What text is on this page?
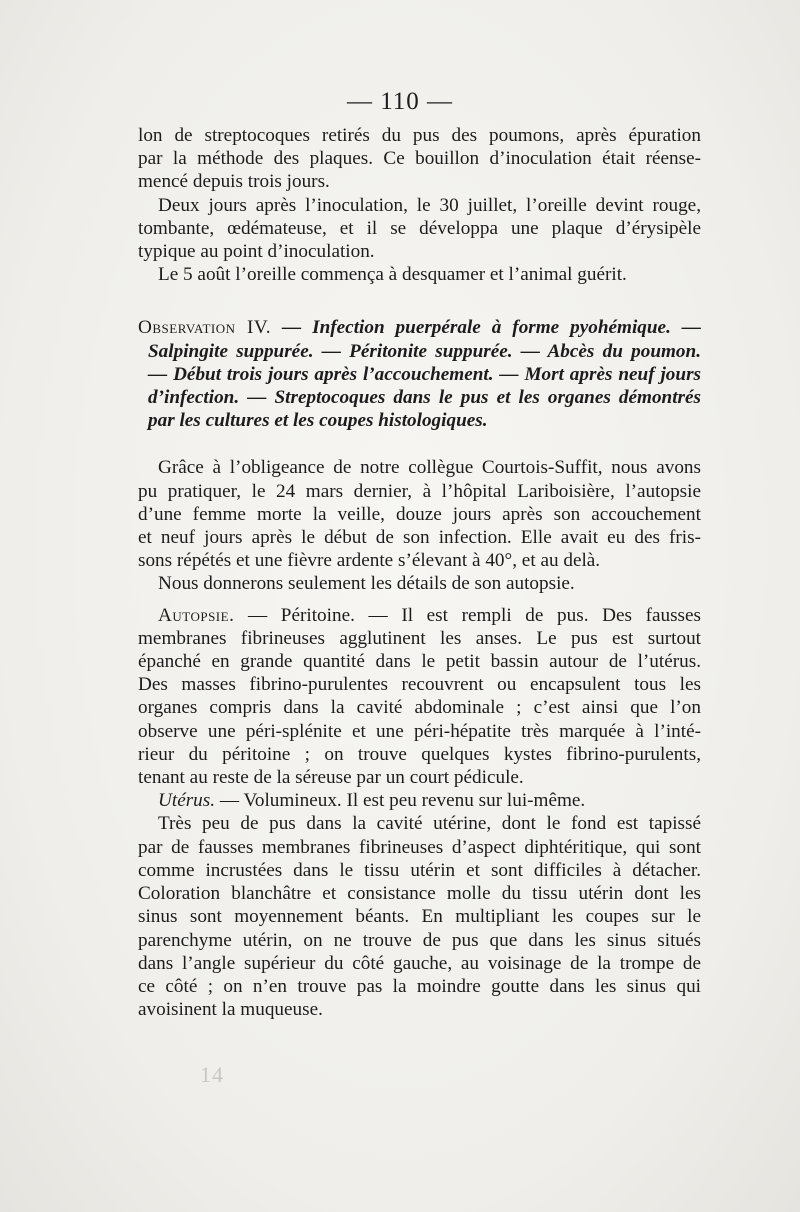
— 110 —
lon de streptocoques retirés du pus des poumons, après épuration
par la méthode des plaques. Ce bouillon d’inoculation était réense-
mencé depuis trois jours.
Deux jours après l’inoculation, le 30 juillet, l’oreille devint rouge,
tombante, œdémateuse, et il se développa une plaque d’érysipèle
typique au point d’inoculation.
Le 5 août l’oreille commença à desquamer et l’animal guérit.
Observation IV. — Infection puerpérale à forme pyohémique. —
Salpingite suppurée. — Péritonite suppurée. — Abcès du poumon.
— Début trois jours après l’accouchement. — Mort après neuf jours
d’infection. — Streptocoques dans le pus et les organes démontrés
par les cultures et les coupes histologiques.
Grâce à l’obligeance de notre collègue Courtois-Suffit, nous avons
pu pratiquer, le 24 mars dernier, à l’hôpital Lariboisière, l’autopsie
d’une femme morte la veille, douze jours après son accouchement
et neuf jours après le début de son infection. Elle avait eu des fris-
sons répétés et une fièvre ardente s’élevant à 40°, et au delà.
Nous donnerons seulement les détails de son autopsie.
Autopsie. — Péritoine. — Il est rempli de pus. Des fausses
membranes fibrineuses agglutinent les anses. Le pus est surtout
épanché en grande quantité dans le petit bassin autour de l’utérus.
Des masses fibrino-purulentes recouvrent ou encapsulent tous les
organes compris dans la cavité abdominale ; c’est ainsi que l’on
observe une péri-splénite et une péri-hépatite très marquée à l’inté-
rieur du péritoine ; on trouve quelques kystes fibrino-purulents,
tenant au reste de la séreuse par un court pédicule.
Utérus. — Volumineux. Il est peu revenu sur lui-même.
Très peu de pus dans la cavité utérine, dont le fond est tapissé
par de fausses membranes fibrineuses d’aspect diphtéritique, qui sont
comme incrustées dans le tissu utérin et sont difficiles à détacher.
Coloration blanchâtre et consistance molle du tissu utérin dont les
sinus sont moyennement béants. En multipliant les coupes sur le
parenchyme utérin, on ne trouve de pus que dans les sinus situés
dans l’angle supérieur du côté gauche, au voisinage de la trompe de
ce côté ; on n’en trouve pas la moindre goutte dans les sinus qui
avoisinent la muqueuse.
14
